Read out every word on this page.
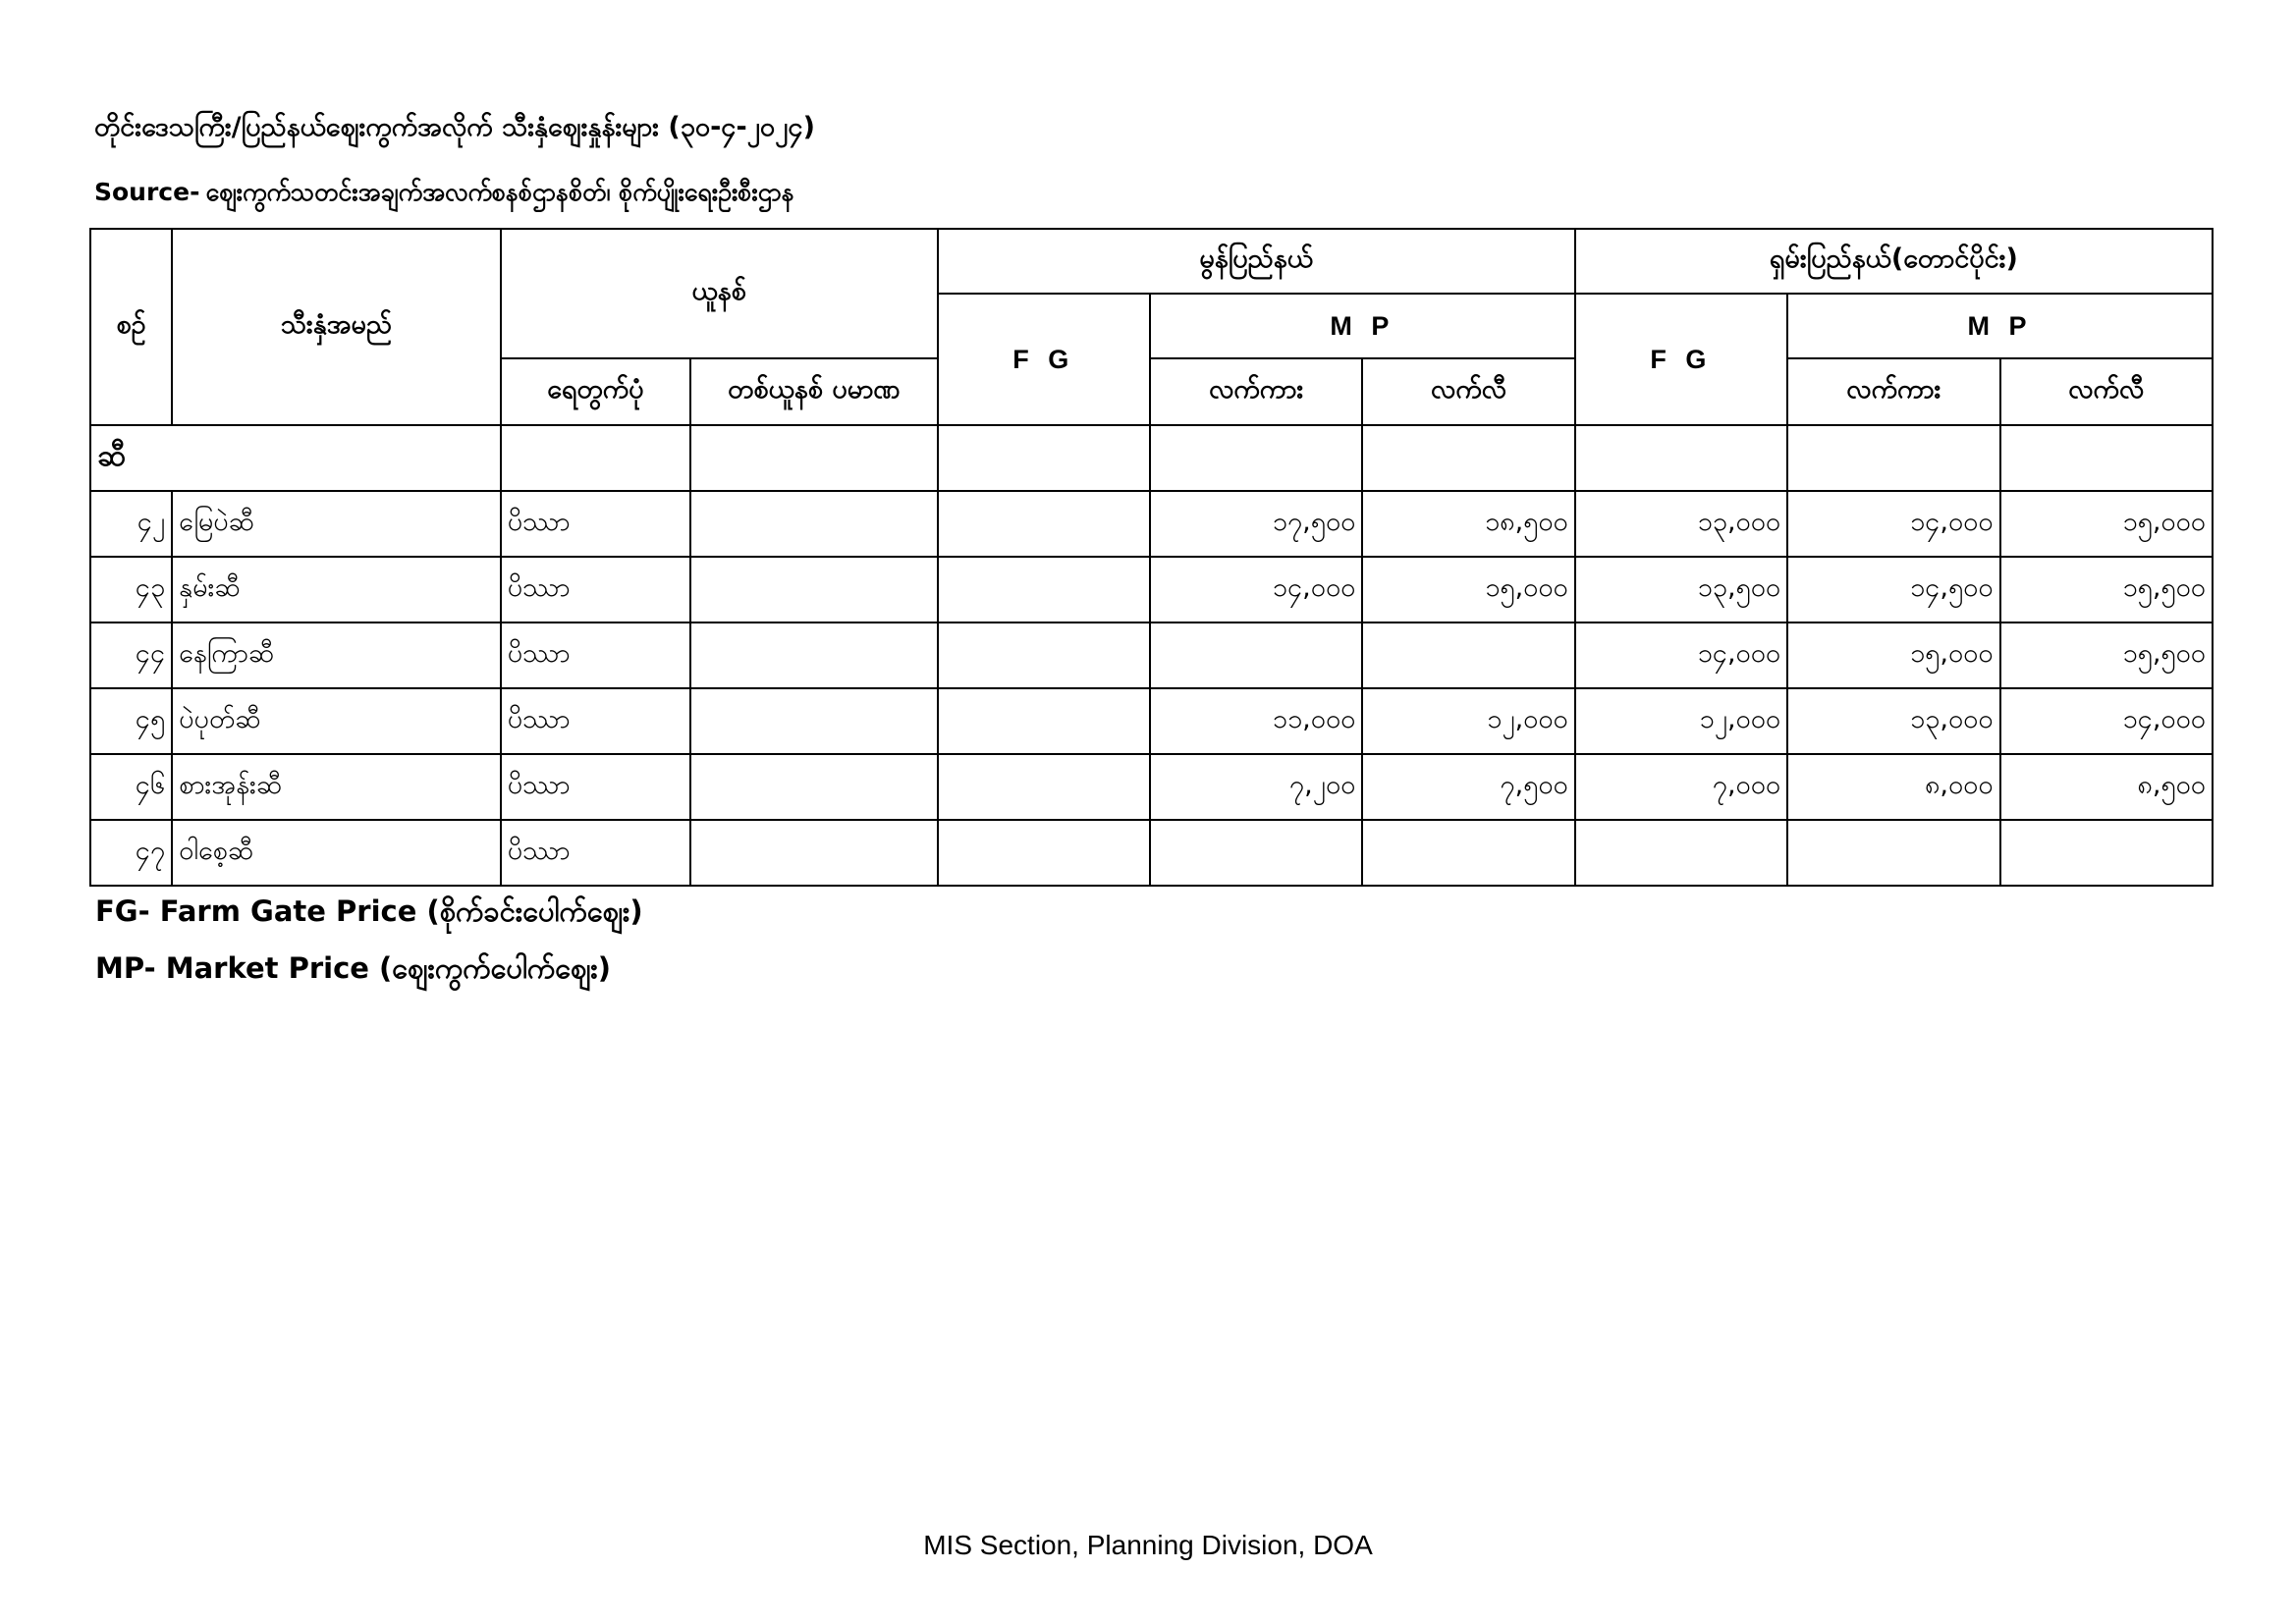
တိုင်းဒေသကြီး/ပြည်နယ်ဈေးကွက်အလိုက် သီးနှံဈေးနှုန်းများ (၃၀-၄-၂၀၂၄)
Source- ဈေးကွက်သတင်းအချက်အလက်စနစ်ဌာနစိတ်၊ စိုက်ပျိုးရေးဦးစီးဌာန
စဉ်	သီးနှံအမည်	ယူနစ်		မွန်ပြည်နယ်			ရှမ်းပြည်နယ်(တောင်ပိုင်း)		
				F G	M P		F G	M P	
		ရေတွက်ပုံ	တစ်ယူနစ် ပမာဏ		လက်ကား	လက်လီ		လက်ကား	လက်လီ
ဆီ									
၄၂	မြေပဲဆီ	ပိဿာ			၁၇,၅၀၀	၁၈,၅၀၀	၁၃,၀၀၀	၁၄,၀၀၀	၁၅,၀၀၀
၄၃	နှမ်းဆီ	ပိဿာ			၁၄,၀၀၀	၁၅,၀၀၀	၁၃,၅၀၀	၁၄,၅၀၀	၁၅,၅၀၀
၄၄	နေကြာဆီ	ပိဿာ					၁၄,၀၀၀	၁၅,၀၀၀	၁၅,၅၀၀
၄၅	ပဲပုတ်ဆီ	ပိဿာ			၁၁,၀၀၀	၁၂,၀၀၀	၁၂,၀၀၀	၁၃,၀၀၀	၁၄,၀၀၀
၄၆	စားအုန်းဆီ	ပိဿာ			၇,၂၀၀	၇,၅၀၀	၇,၀၀၀	၈,၀၀၀	၈,၅၀၀
၄၇	ဝါစေ့ဆီ	ပိဿာ							
FG- Farm Gate Price (စိုက်ခင်းပေါက်ဈေး)
MP- Market Price (ဈေးကွက်ပေါက်ဈေး)
MIS Section, Planning Division, DOA
